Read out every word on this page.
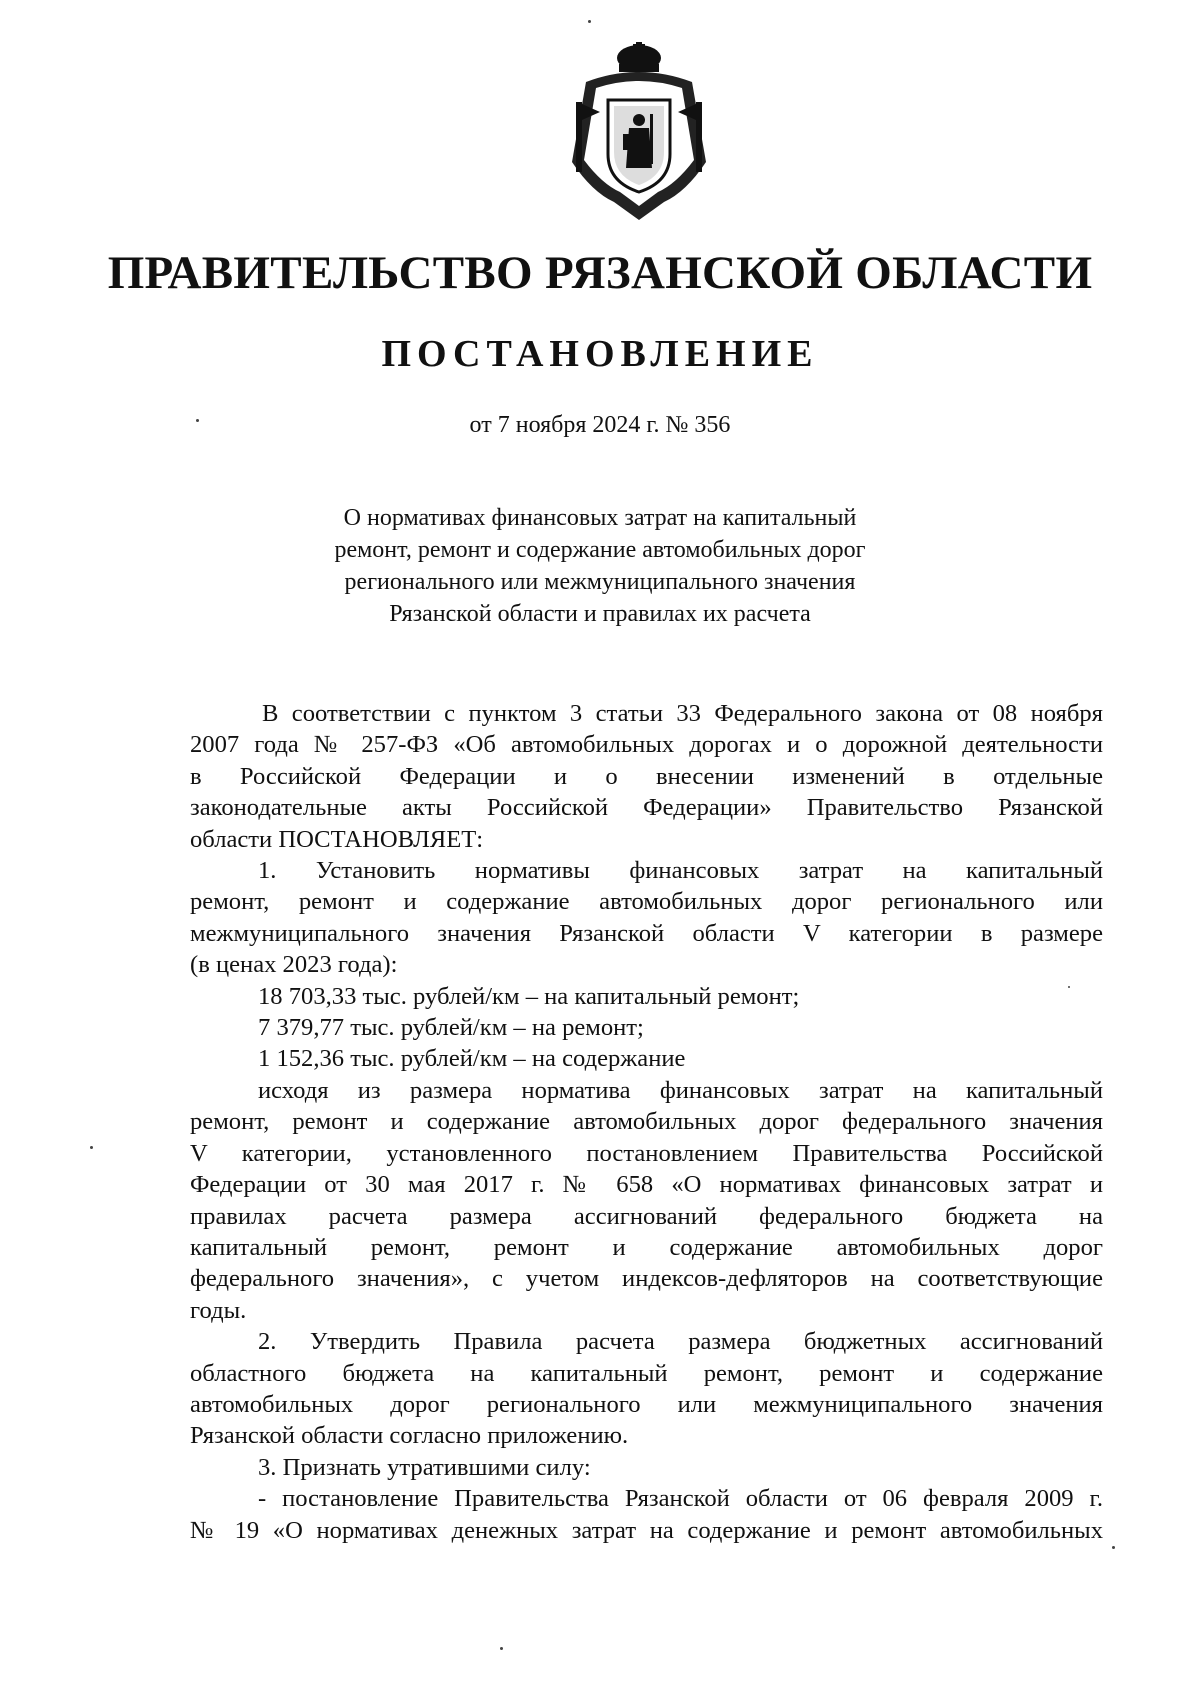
ПРАВИТЕЛЬСТВО РЯЗАНСКОЙ ОБЛАСТИ
ПОСТАНОВЛЕНИЕ
от 7 ноября 2024 г. № 356
О нормативах финансовых затрат на капитальный
ремонт, ремонт и содержание автомобильных дорог
регионального или межмуниципального значения
Рязанской области и правилах их расчета
В соответствии с пунктом 3 статьи 33 Федерального закона от 08 ноября
2007 года № 257-ФЗ «Об автомобильных дорогах и о дорожной деятельности
в Российской Федерации и о внесении изменений в отдельные
законодательные акты Российской Федерации» Правительство Рязанской
области ПОСТАНОВЛЯЕТ:
1. Установить нормативы финансовых затрат на капитальный
ремонт, ремонт и содержание автомобильных дорог регионального или
межмуниципального значения Рязанской области V категории в размере
(в ценах 2023 года):
18 703,33 тыс. рублей/км – на капитальный ремонт;
7 379,77 тыс. рублей/км – на ремонт;
1 152,36 тыс. рублей/км – на содержание
исходя из размера норматива финансовых затрат на капитальный
ремонт, ремонт и содержание автомобильных дорог федерального значения
V категории, установленного постановлением Правительства Российской
Федерации от 30 мая 2017 г. № 658 «О нормативах финансовых затрат и
правилах расчета размера ассигнований федерального бюджета на
капитальный ремонт, ремонт и содержание автомобильных дорог
федерального значения», с учетом индексов-дефляторов на соответствующие
годы.
2. Утвердить Правила расчета размера бюджетных ассигнований
областного бюджета на капитальный ремонт, ремонт и содержание
автомобильных дорог регионального или межмуниципального значения
Рязанской области согласно приложению.
3. Признать утратившими силу:
- постановление Правительства Рязанской области от 06 февраля 2009 г.
№ 19 «О нормативах денежных затрат на содержание и ремонт автомобильных
